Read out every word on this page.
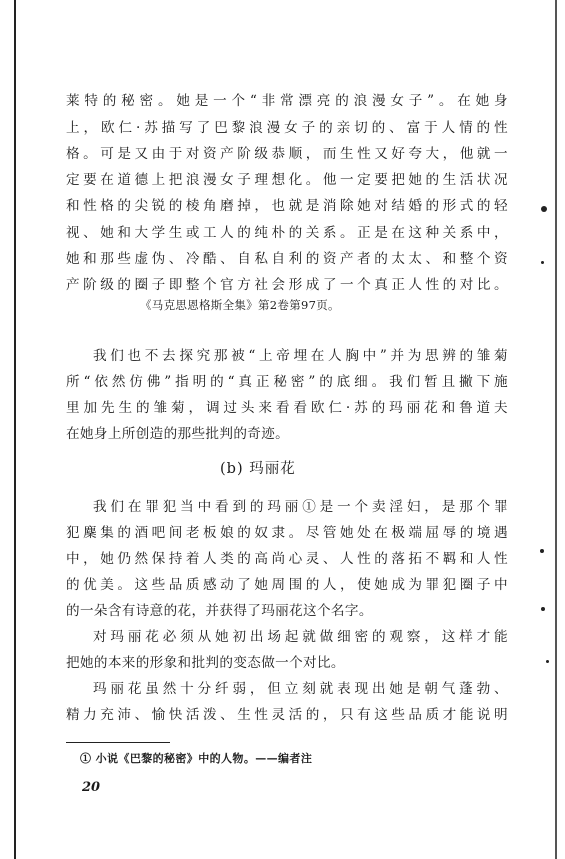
莱特的秘密。她是一个“非常漂亮的浪漫女子”。在她身
上，欧仁·苏描写了巴黎浪漫女子的亲切的、富于人情的性
格。可是又由于对资产阶级恭顺，而生性又好夸大，他就一
定要在道德上把浪漫女子理想化。他一定要把她的生活状况
和性格的尖锐的棱角磨掉，也就是消除她对结婚的形式的轻
视、她和大学生或工人的纯朴的关系。正是在这种关系中，
她和那些虚伪、冷酷、自私自利的资产者的太太、和整个资
产阶级的圈子即整个官方社会形成了一个真正人性的对比。
《马克思恩格斯全集》第2卷第97页。
我们也不去探究那被“上帝埋在人胸中”并为思辨的雏菊
所“依然仿佛”指明的“真正秘密”的底细。我们暂且撇下施
里加先生的雏菊，调过头来看看欧仁·苏的玛丽花和鲁道夫
在她身上所创造的那些批判的奇迹。
(b) 玛丽花
我们在罪犯当中看到的玛丽①是一个卖淫妇，是那个罪
犯麇集的酒吧间老板娘的奴隶。尽管她处在极端屈辱的境遇
中，她仍然保持着人类的高尚心灵、人性的落拓不羁和人性
的优美。这些品质感动了她周围的人，使她成为罪犯圈子中
的一朵含有诗意的花，并获得了玛丽花这个名字。
对玛丽花必须从她初出场起就做细密的观察，这样才能
把她的本来的形象和批判的变态做一个对比。
玛丽花虽然十分纤弱，但立刻就表现出她是朝气蓬勃、
精力充沛、愉快活泼、生性灵活的，只有这些品质才能说明
① 小说《巴黎的秘密》中的人物。——编者注
20
